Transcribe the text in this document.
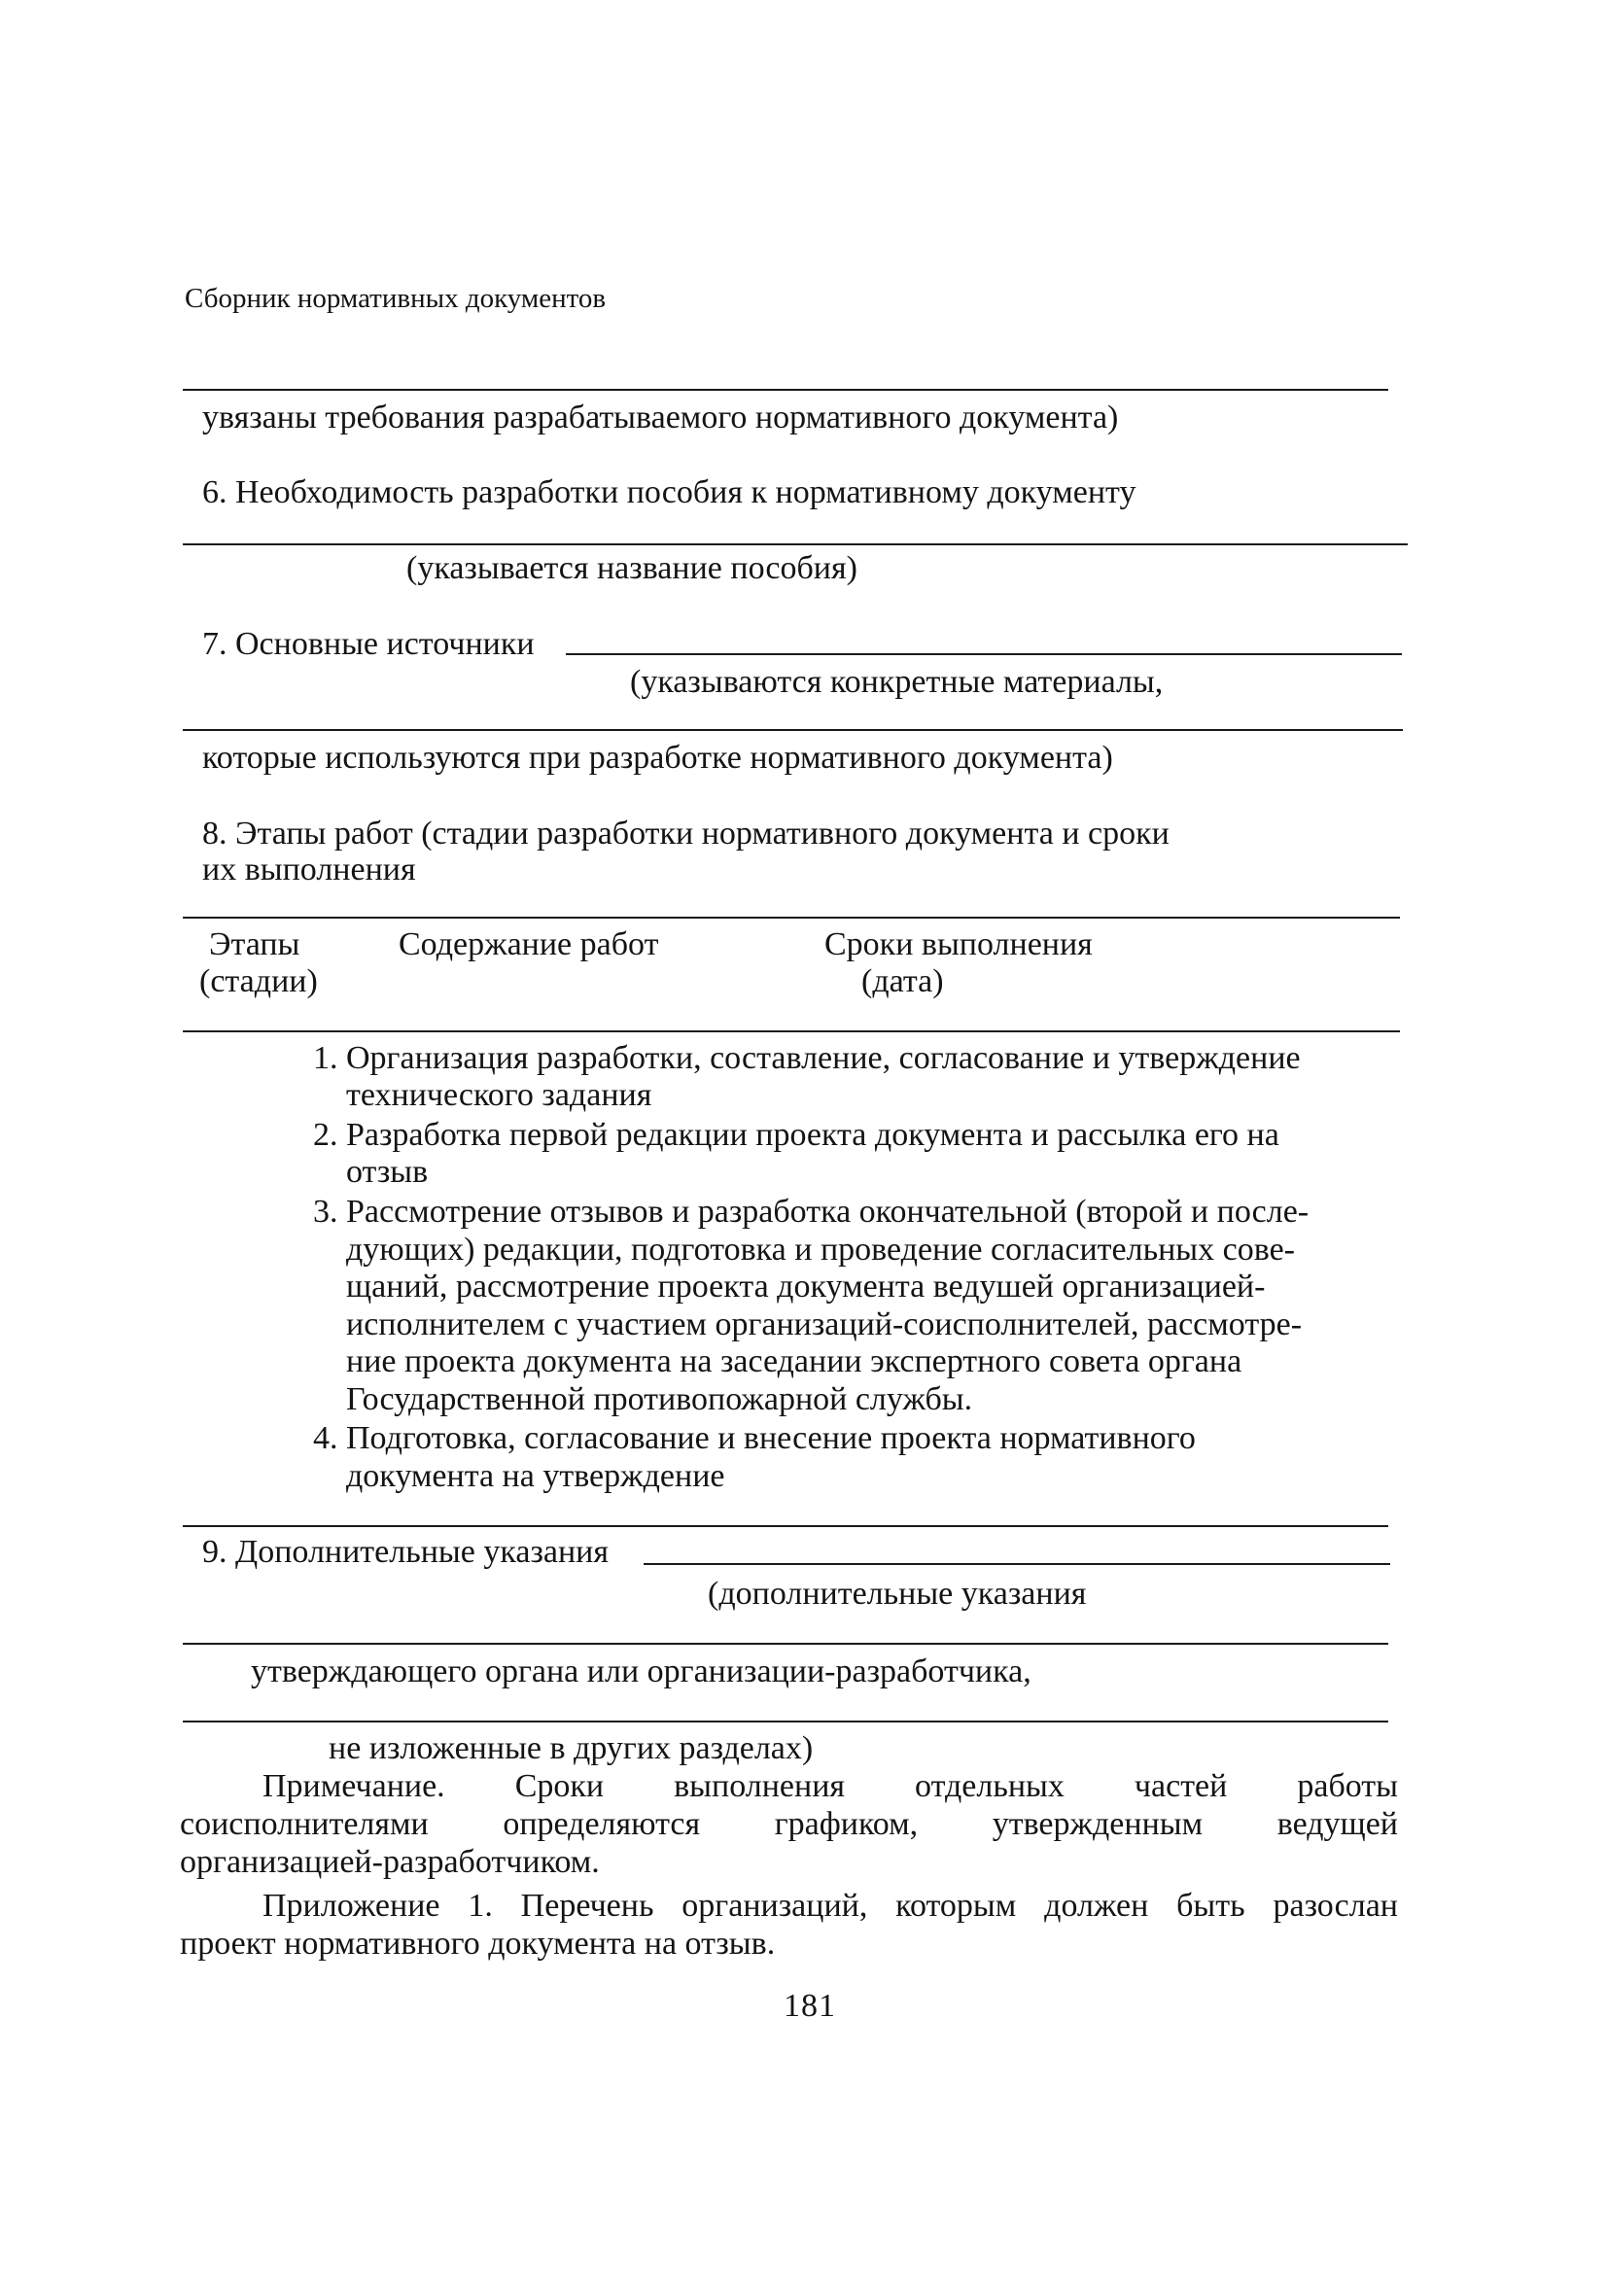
Сборник нормативных документов
увязаны требования разрабатываемого нормативного документа)
6. Необходимость разработки пособия к нормативному документу
(указывается название пособия)
7. Основные источники
(указываются конкретные материалы,
которые используются при разработке нормативного документа)
8. Этапы работ (стадии разработки нормативного документа и сроки
их выполнения
Этапы
(стадии)
Содержание работ	Сроки выполнения
(дата)
1. Организация разработки, составление, согласование и утверждение
технического задания
2. Разработка первой редакции проекта документа и рассылка его на
отзыв
3. Рассмотрение отзывов и разработка окончательной (второй и после-
дующих) редакции, подготовка и проведение согласительных сове-
щаний, рассмотрение проекта документа ведушей организацией-
исполнителем с участием организаций-соисполнителей, рассмотре-
ние проекта документа на заседании экспертного совета органа
Государственной противопожарной службы.
4. Подготовка, согласование и внесение проекта нормативного
документа на утверждение
9. Дополнительные указания
(дополнительные указания
утверждающего органа или организации-разработчика,
не изложенные в других разделах)
Примечание. Сроки выполнения отдельных частей работы
соисполнителями определяются графиком, утвержденным ведущей
организацией-разработчиком.
Приложение 1. Перечень организаций, которым должен быть разослан
проект нормативного документа на отзыв.
181
